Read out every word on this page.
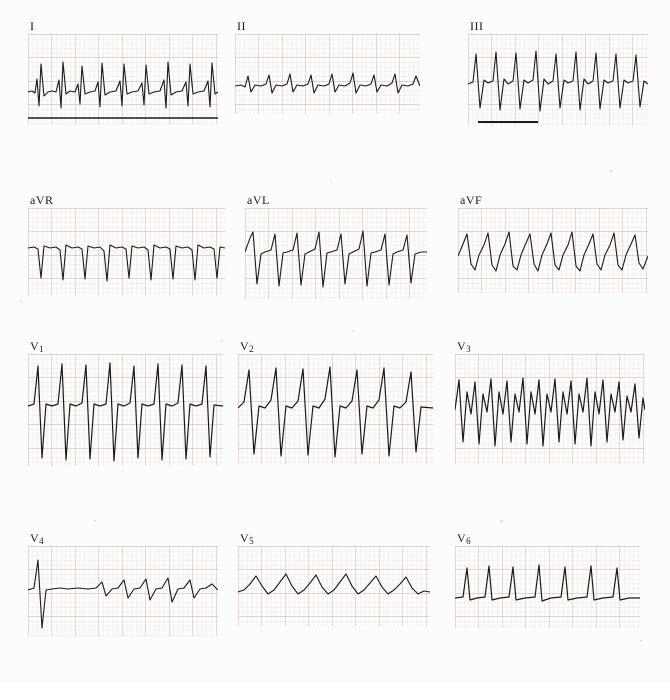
I	II	III
aVR	aVL	aVF
$V_1$	$V_2$	$V_3$
$V_4$	$V_5$	$V_6$
